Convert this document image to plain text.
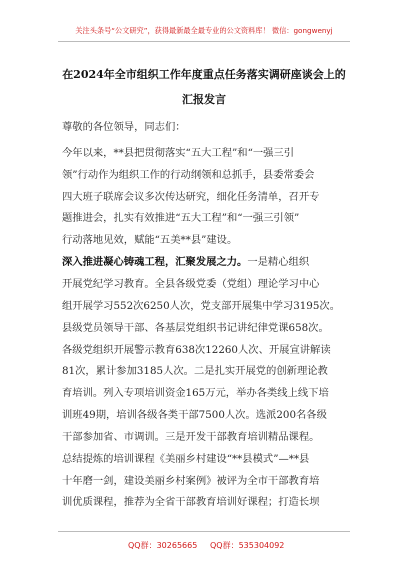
关注头条号“公文研究”，获得最新最全最专业的公文资料库！ 微信：gongwenyj
在2024年全市组织工作年度重点任务落实调研座谈会上的
汇报发言
尊敬的各位领导，同志们：
今年以来，**县把贯彻落实“五大工程”和“一强三引
领”行动作为组织工作的行动纲领和总抓手，县委常委会
四大班子联席会议多次传达研究，细化任务清单，召开专
题推进会，扎实有效推进“五大工程”和“一强三引领”
行动落地见效，赋能“五美**县”建设。
深入推进凝心铸魂工程，汇聚发展之力。一是精心组织
开展党纪学习教育。全县各级党委（党组）理论学习中心
组开展学习552次6250人次，党支部开展集中学习3195次。
县级党员领导干部、各基层党组织书记讲纪律党课658次。
各级党组织开展警示教育638次12260人次、开展宣讲解读
81次，累计参加3185人次。二是扎实开展党的创新理论教
育培训。列入专项培训资金165万元，举办各类线上线下培
训班49期，培训各级各类干部7500人次。选派200名各级
干部参加省、市调训。三是开发干部教育培训精品课程。
总结提炼的培训课程《美丽乡村建设“**县模式”—**县
十年磨一剑，建设美丽乡村案例》被评为全市干部教育培
训优质课程，推荐为全省干部教育培训好课程；打造长坝
QQ群：30265665 QQ群：535304092
